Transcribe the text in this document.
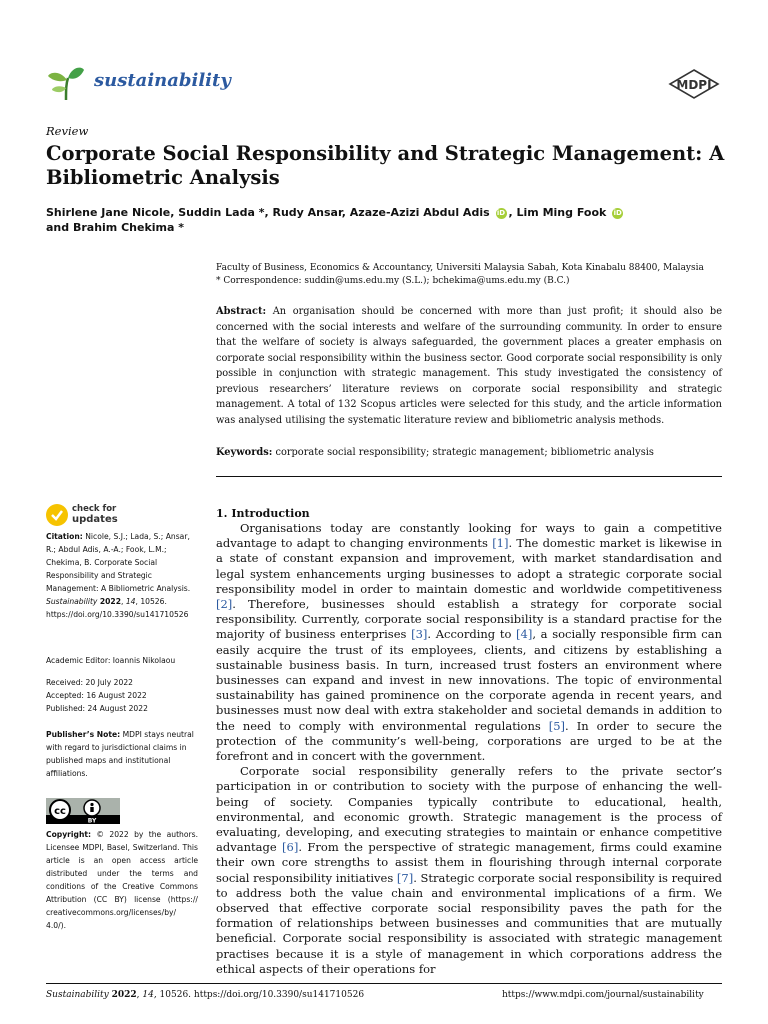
sustainability	MDPI
Review
Corporate Social Responsibility and Strategic Management: A Bibliometric Analysis
Shirlene Jane Nicole, Suddin Lada *, Rudy Ansar, Azaze-Azizi Abdul Adis iD , Lim Ming Fook iD
and Brahim Chekima *
Faculty of Business, Economics & Accountancy, Universiti Malaysia Sabah, Kota Kinabalu 88400, Malaysia
* Correspondence: suddin@ums.edu.my (S.L.); bchekima@ums.edu.my (B.C.)
Abstract: An organisation should be concerned with more than just profit; it should also be concerned with the social interests and welfare of the surrounding community. In order to ensure that the welfare of society is always safeguarded, the government places a greater emphasis on corporate social responsibility within the business sector. Good corporate social responsibility is only possible in conjunction with strategic management. This study investigated the consistency of previous researchers’ literature reviews on corporate social responsibility and strategic management. A total of 132 Scopus articles were selected for this study, and the article information was analysed utilising the systematic literature review and bibliometric analysis methods.
Keywords: corporate social responsibility; strategic management; bibliometric analysis
1. Introduction

Organisations today are constantly looking for ways to gain a competitive advantage to adapt to changing environments [1]. The domestic market is likewise in a state of constant expansion and improvement, with market standardisation and legal system enhancements urging businesses to adopt a strategic corporate social responsibility model in order to maintain domestic and worldwide competitiveness [2]. Therefore, businesses should establish a strategy for corporate social responsibility. Currently, corporate social responsibility is a standard practise for the majority of business enterprises [3]. According to [4], a socially responsible firm can easily acquire the trust of its employees, clients, and citizens by establishing a sustainable business basis. In turn, increased trust fosters an environment where businesses can expand and invest in new innovations. The topic of environmental sustainability has gained prominence on the corporate agenda in recent years, and businesses must now deal with extra stakeholder and societal demands in addition to the need to comply with environmental regulations [5]. In order to secure the protection of the community’s well-being, corporations are urged to be at the forefront and in concert with the government.

Corporate social responsibility generally refers to the private sector’s participation in or contribution to society with the purpose of enhancing the well-being of society. Companies typically contribute to educational, health, environmental, and economic growth. Strategic management is the process of evaluating, developing, and executing strategies to maintain or enhance competitive advantage [6]. From the perspective of strategic management, firms could examine their own core strengths to assist them in flourishing through internal corporate social responsibility initiatives [7]. Strategic corporate social responsibility is required to address both the value chain and environmental implications of a firm. We observed that effective corporate social responsibility paves the path for the formation of relationships between businesses and communities that are mutually beneficial. Corporate social responsibility is associated with strategic management practises because it is a style of management in which corporations address the ethical aspects of their operations for

check for
updates
Citation: Nicole, S.J.; Lada, S.; Ansar, R.; Abdul Adis, A.-A.; Fook, L.M.; Chekima, B. Corporate Social Responsibility and Strategic Management: A Bibliometric Analysis. Sustainability 2022, 14, 10526. https://doi.org/10.3390/su141710526
Academic Editor: Ioannis Nikolaou
Received: 20 July 2022
Accepted: 16 August 2022
Published: 24 August 2022
Publisher’s Note: MDPI stays neutral with regard to jurisdictional claims in published maps and institutional affiliations.
cc
BY
Copyright: © 2022 by the authors. Licensee MDPI, Basel, Switzerland. This article is an open access article distributed under the terms and conditions of the Creative Commons Attribution (CC BY) license (https:// creativecommons.org/licenses/by/ 4.0/).
Sustainability 2022, 14, 10526. https://doi.org/10.3390/su141710526	https://www.mdpi.com/journal/sustainability
